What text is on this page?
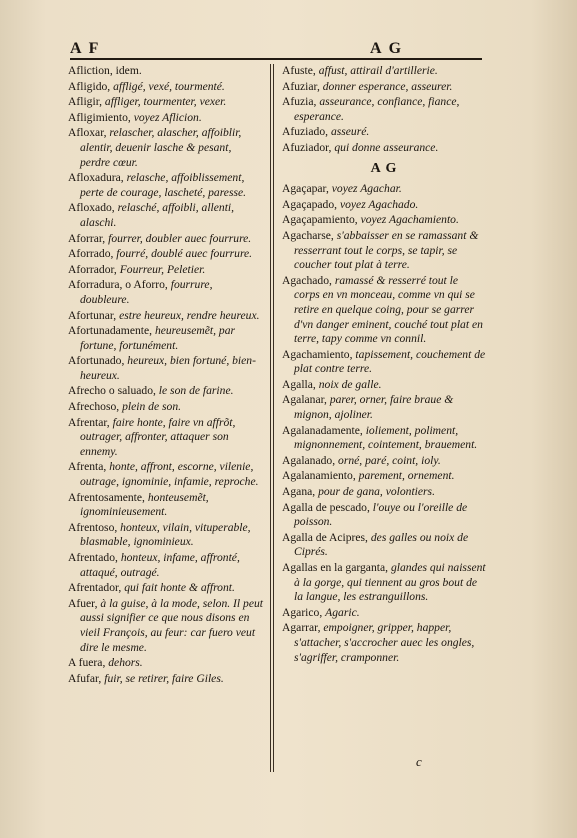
A F	A G
Afliction, idem.
Afligido, affligé, vexé, tourmenté.
Afligir, affliger, tourmenter, vexer.
Afligimiento, voyez Aflicion.
Afloxar, relascher, alascher, affoiblir, alentir, deuenir lasche & pesant, perdre cœur.
Afloxadura, relasche, affoiblissement, perte de courage, lascheté, paresse.
Afloxado, relasché, affoibli, allenti, alaschi.
Aforrar, fourrer, doubler auec fourrure.
Aforrado, fourré, doublé auec fourrure.
Aforrador, Fourreur, Peletier.
Aforradura, o Aforro, fourrure, doubleure.
Afortunar, estre heureux, rendre heureux.
Afortunadamente, heureusemẽt, par fortune, fortunément.
Afortunado, heureux, bien fortuné, bien-heureux.
Afrecho o saluado, le son de farine.
Afrechoso, plein de son.
Afrentar, faire honte, faire vn affrõt, outrager, affronter, attaquer son ennemy.
Afrenta, honte, affront, escorne, vilenie, outrage, ignominie, infamie, reproche.
Afrentosamente, honteusemẽt, ignominieusement.
Afrentoso, honteux, vilain, vituperable, blasmable, ignominieux.
Afrentado, honteux, infame, affronté, attaqué, outragé.
Afrentador, qui fait honte & affront.
Afuer, à la guise, à la mode, selon. Il peut aussi signifier ce que nous disons en vieil François, au feur: car fuero veut dire le mesme.
A fuera, dehors.
Afufar, fuir, se retirer, faire Giles.
Afuste, affust, attirail d'artillerie.
Afuziar, donner esperance, asseurer.
Afuzia, asseurance, confiance, fiance, esperance.
Afuziado, asseuré.
Afuziador, qui donne asseurance.
A G
Agaçapar, voyez Agachar.
Agaçapado, voyez Agachado.
Agaçapamiento, voyez Agachamiento.
Agacharse, s'abbaisser en se ramassant & resserrant tout le corps, se tapir, se coucher tout plat à terre.
Agachado, ramassé & resserré tout le corps en vn monceau, comme vn qui se retire en quelque coing, pour se garrer d'vn danger eminent, couché tout plat en terre, tapy comme vn connil.
Agachamiento, tapissement, couchement de plat contre terre.
Agalla, noix de galle.
Agalanar, parer, orner, faire braue & mignon, ajoliner.
Agalanadamente, ioliement, poliment, mignonnement, cointement, brauement.
Agalanado, orné, paré, coint, ioly.
Agalanamiento, parement, ornement.
Agana, pour de gana, volontiers.
Agalla de pescado, l'ouye ou l'oreille de poisson.
Agalla de Acipres, des galles ou noix de Ciprés.
Agallas en la garganta, glandes qui naissent à la gorge, qui tiennent au gros bout de la langue, les estranguillons.
Agarico, Agaric.
Agarrar, empoigner, gripper, happer, s'attacher, s'accrocher auec les ongles, s'agriffer, cramponner.
c
